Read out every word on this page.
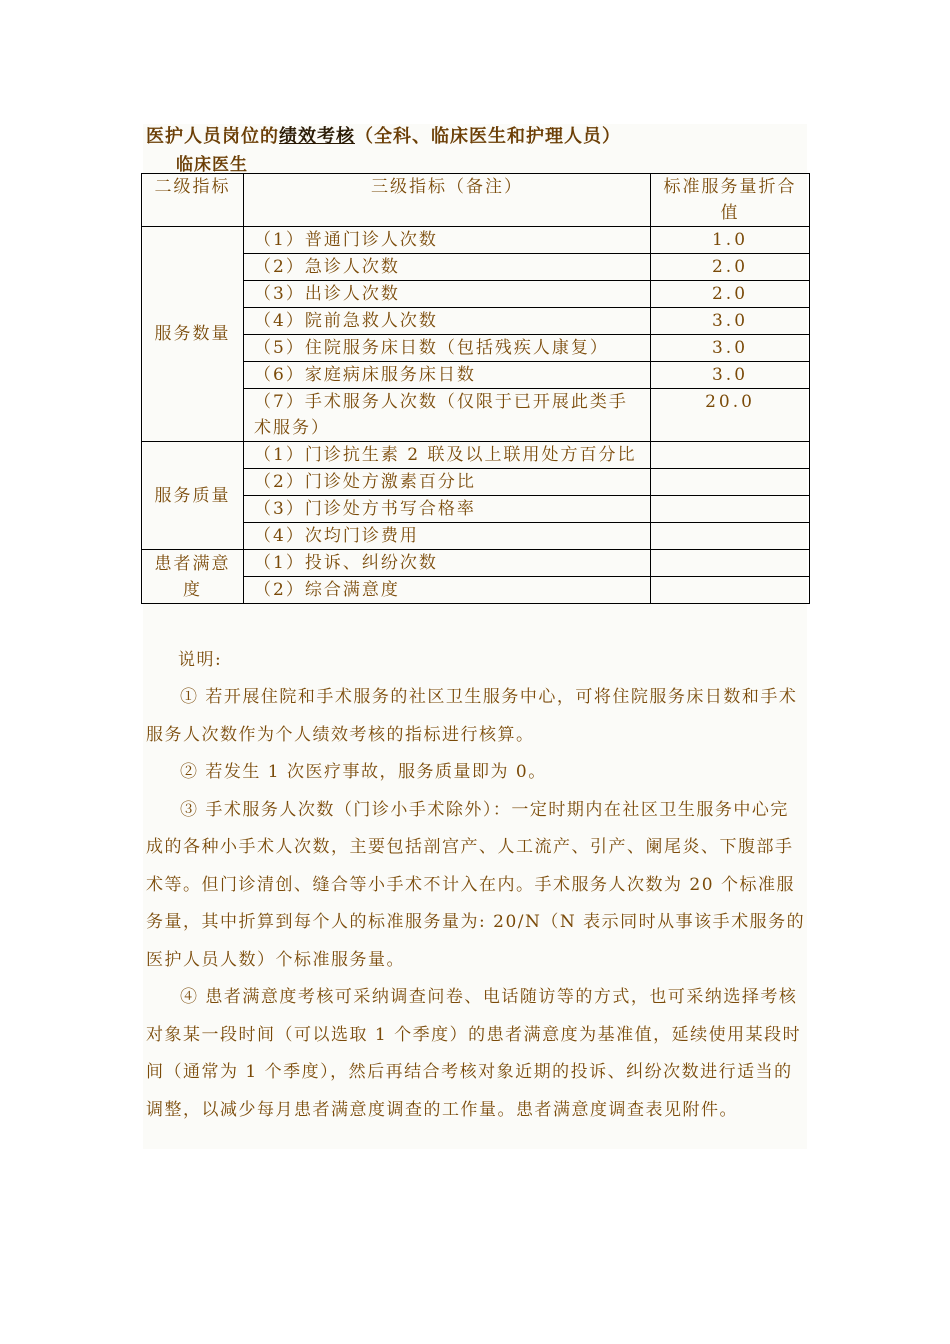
医护人员岗位的绩效考核（全科、临床医生和护理人员）
临床医生
二级指标	三级指标（备注）	标准服务量折合值
服务数量	（1）普通门诊人次数	1.0
	（2）急诊人次数	2.0
	（3）出诊人次数	2.0
	（4）院前急救人次数	3.0
	（5）住院服务床日数（包括残疾人康复）	3.0
	（6）家庭病床服务床日数	3.0
	（7）手术服务人次数（仅限于已开展此类手术服务）	20.0
服务质量	（1）门诊抗生素 2 联及以上联用处方百分比	
	（2）门诊处方激素百分比	
	（3）门诊处方书写合格率	
	（4）次均门诊费用	
患者满意度	（1）投诉、纠纷次数	
	（2）综合满意度	

说明:

① 若开展住院和手术服务的社区卫生服务中心，可将住院服务床日数和手术服务人次数作为个人绩效考核的指标进行核算。

② 若发生 1 次医疗事故，服务质量即为 0。

③ 手术服务人次数（门诊小手术除外）：一定时期内在社区卫生服务中心完成的各种小手术人次数，主要包括剖宫产、人工流产、引产、阑尾炎、下腹部手术等。但门诊清创、缝合等小手术不计入在内。手术服务人次数为 20 个标准服务量，其中折算到每个人的标准服务量为: 20/N（N 表示同时从事该手术服务的医护人员人数）个标准服务量。

④ 患者满意度考核可采纳调查问卷、电话随访等的方式，也可采纳选择考核对象某一段时间（可以选取 1 个季度）的患者满意度为基准值，延续使用某段时间（通常为 1 个季度），然后再结合考核对象近期的投诉、纠纷次数进行适当的调整，以减少每月患者满意度调查的工作量。患者满意度调查表见附件。
